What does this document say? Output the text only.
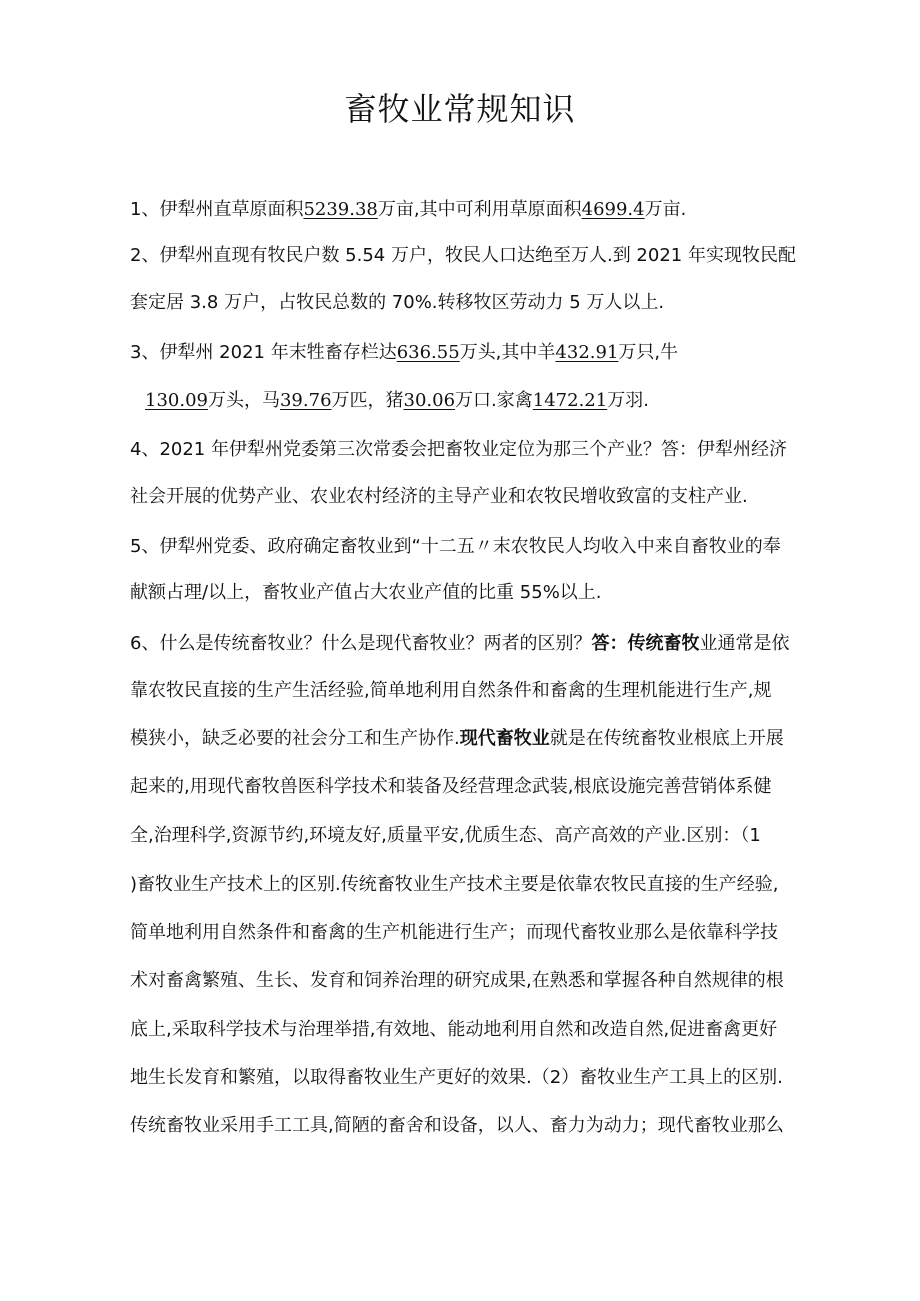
畜牧业常规知识
1、伊犁州直草原面积5239.38万亩,其中可利用草原面积4699.4万亩.
2、伊犁州直现有牧民户数 5.54 万户，牧民人口达绝至万人.到 2021 年实现牧民配
套定居 3.8 万户，占牧民总数的 70%.转移牧区劳动力 5 万人以上.
3、伊犁州 2021 年末牲畜存栏达636.55万头,其中羊432.91万只,牛
130.09万头，马39.76万匹，猪30.06万口.家禽1472.21万羽.
4、2021 年伊犁州党委第三次常委会把畜牧业定位为那三个产业？答：伊犁州经济
社会开展的优势产业、农业农村经济的主导产业和农牧民增收致富的支柱产业.
5、伊犁州党委、政府确定畜牧业到“十二五〃末农牧民人均收入中来自畜牧业的奉
献额占理/以上，畜牧业产值占大农业产值的比重 55%以上.
6、什么是传统畜牧业？什么是现代畜牧业？两者的区别？答：传统畜牧业通常是依
靠农牧民直接的生产生活经验,简单地利用自然条件和畜禽的生理机能进行生产,规
模狭小，缺乏必要的社会分工和生产协作.现代畜牧业就是在传统畜牧业根底上开展
起来的,用现代畜牧兽医科学技术和装备及经营理念武装,根底设施完善营销体系健
全,治理科学,资源节约,环境友好,质量平安,优质生态、高产高效的产业.区别：（1
)畜牧业生产技术上的区别.传统畜牧业生产技术主要是依靠农牧民直接的生产经验,
简单地利用自然条件和畜禽的生产机能进行生产；而现代畜牧业那么是依靠科学技
术对畜禽繁殖、生长、发育和饲养治理的研究成果,在熟悉和掌握各种自然规律的根
底上,采取科学技术与治理举措,有效地、能动地利用自然和改造自然,促进畜禽更好
地生长发育和繁殖，以取得畜牧业生产更好的效果.（2）畜牧业生产工具上的区别.
传统畜牧业采用手工工具,简陋的畜舍和设备，以人、畜力为动力；现代畜牧业那么
